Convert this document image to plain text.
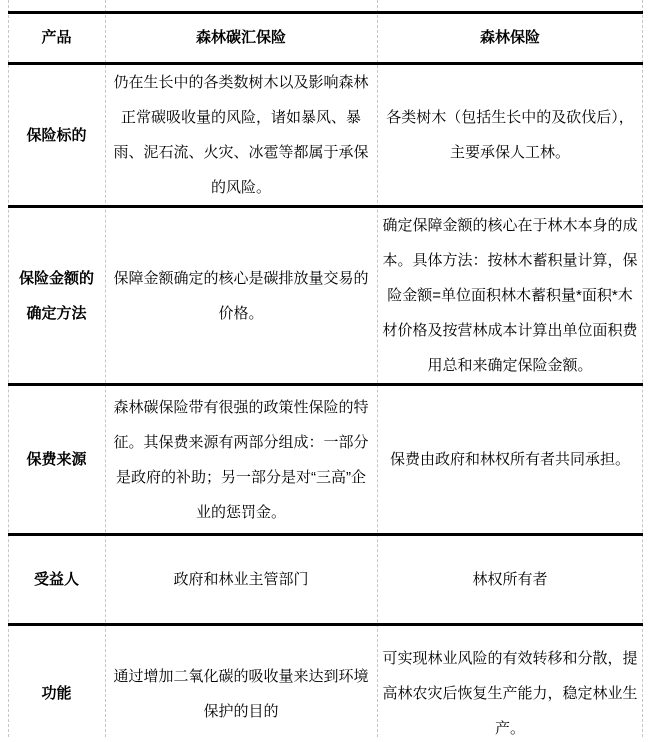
产品	森林碳汇保险	森林保险
保险标的	仍在生长中的各类数树木以及影响森林正常碳吸收量的风险，诸如暴风、暴雨、泥石流、火灾、冰雹等都属于承保的风险。	各类树木（包括生长中的及砍伐后），主要承保人工林。
保险金额的确定方法	保障金额确定的核心是碳排放量交易的价格。	确定保障金额的核心在于林木本身的成本。具体方法：按林木蓄积量计算，保险金额=单位面积林木蓄积量*面积*木材价格及按营林成本计算出单位面积费用总和来确定保险金额。
保费来源	森林碳保险带有很强的政策性保险的特征。其保费来源有两部分组成：一部分是政府的补助；另一部分是对“三高”企业的惩罚金。	保费由政府和林权所有者共同承担。
受益人	政府和林业主管部门	林权所有者
功能	通过增加二氧化碳的吸收量来达到环境保护的目的	可实现林业风险的有效转移和分散，提高林农灾后恢复生产能力，稳定林业生产。
